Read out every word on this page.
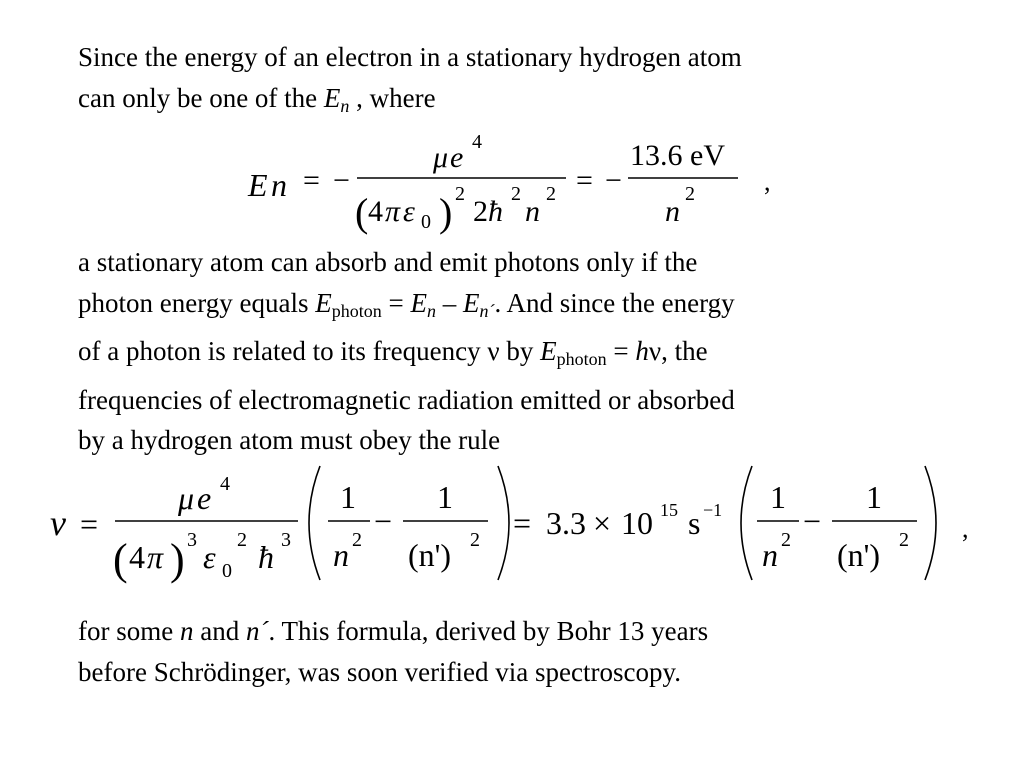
Since the energy of an electron in a stationary hydrogen atom
can only be one of the $E_n$ , where

E n = −
μ e 4
( 4 π ε 0 ) 2
2 ħ
2
n
2 = −
13.6 eV
n
2	,

a stationary atom can absorb and emit photons only if the
photon energy equals $E_{photon} = E_n - E_{n´}$. And since the energy
of a photon is related to its frequency ν by $E_{photon} = h\nu$, the
frequencies of electromagnetic radiation emitted or absorbed
by a hydrogen atom must obey the rule

ν =
μ e 4
( 4 π ) 3 ε 0
2 ħ 3
1
n 2
−
1
(n') 2 = 3.3 × 10 15 s −1 1
n 2
−
1
(n') 2 ,

for some n and n´. This formula, derived by Bohr 13 years
before Schrödinger, was soon verified via spectroscopy.
